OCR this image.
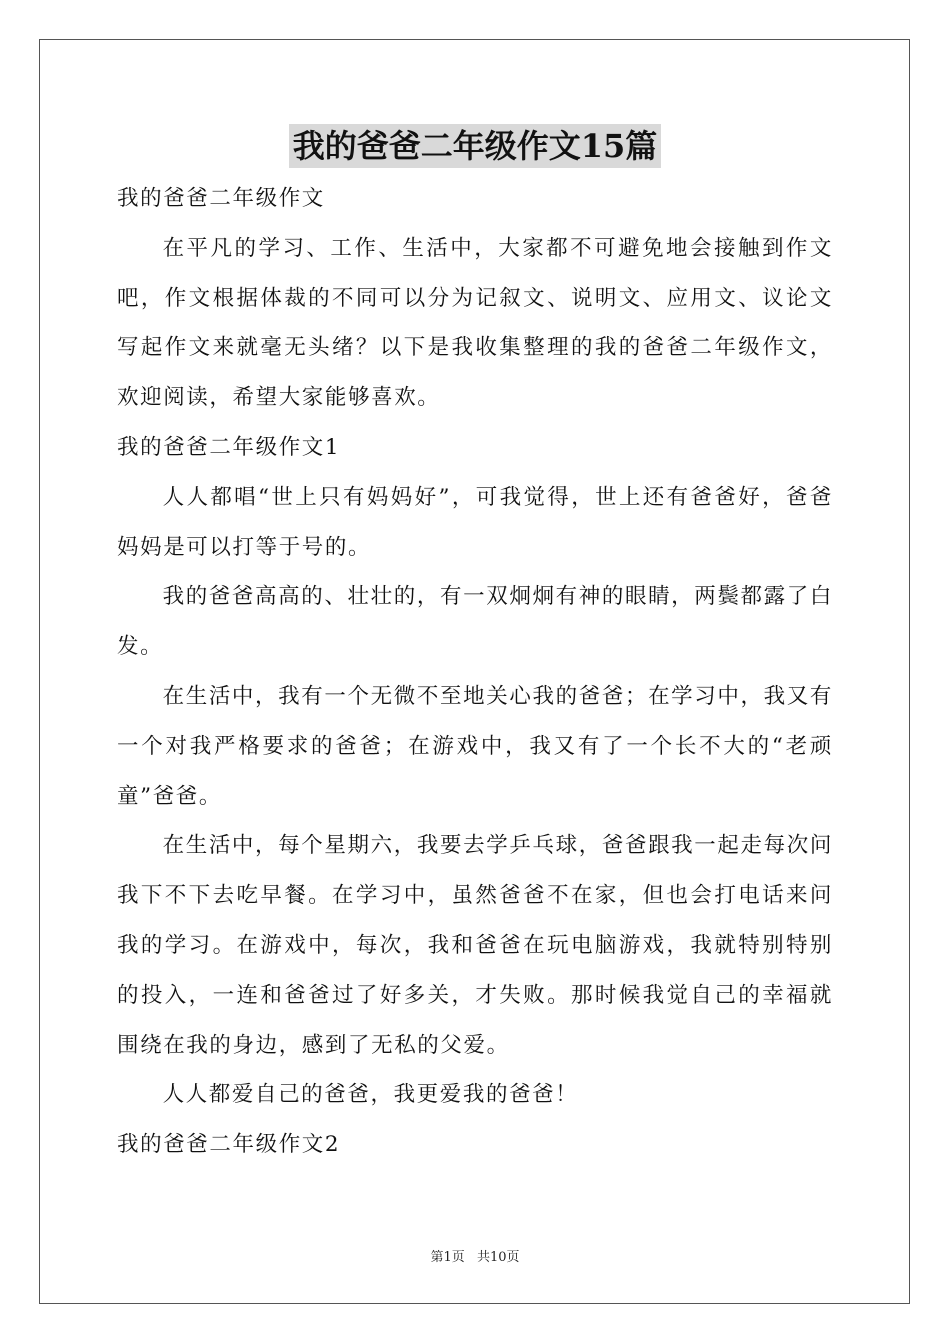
我的爸爸二年级作文15篇

我的爸爸二年级作文

在平凡的学习、工作、生活中，大家都不可避免地会接触到作文吧，作文根据体裁的不同可以分为记叙文、说明文、应用文、议论文写起作文来就毫无头绪？以下是我收集整理的我的爸爸二年级作文，欢迎阅读，希望大家能够喜欢。

我的爸爸二年级作文1

人人都唱“世上只有妈妈好”，可我觉得，世上还有爸爸好，爸爸妈妈是可以打等于号的。

我的爸爸高高的、壮壮的，有一双炯炯有神的眼睛，两鬓都露了白发。

在生活中，我有一个无微不至地关心我的爸爸；在学习中，我又有一个对我严格要求的爸爸；在游戏中，我又有了一个长不大的“老顽童”爸爸。

在生活中，每个星期六，我要去学乒乓球，爸爸跟我一起走每次问我下不下去吃早餐。在学习中，虽然爸爸不在家，但也会打电话来问我的学习。在游戏中，每次，我和爸爸在玩电脑游戏，我就特别特别的投入，一连和爸爸过了好多关，才失败。那时候我觉自己的幸福就围绕在我的身边，感到了无私的父爱。

人人都爱自己的爸爸，我更爱我的爸爸！

我的爸爸二年级作文2

第1页 共10页
